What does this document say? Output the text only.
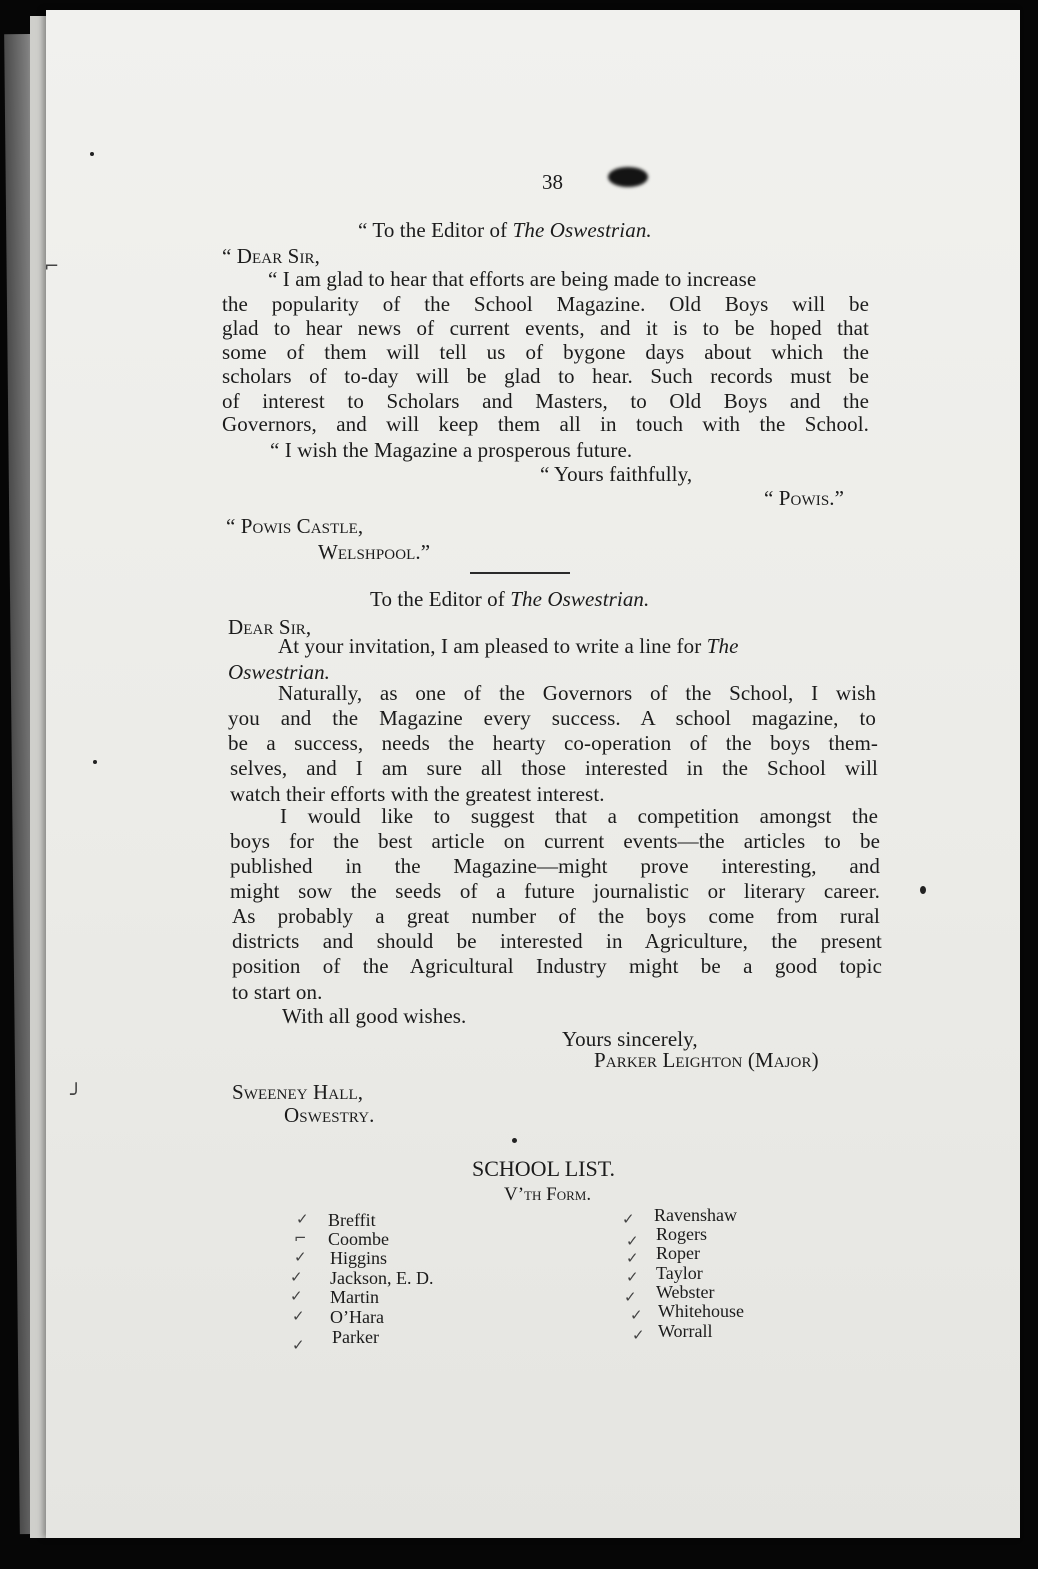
38
⌐
╯
“ To the Editor of The Oswestrian.
“ Dear Sir,
“ I am glad to hear that efforts are being made to increase
the popularity of the School Magazine. Old Boys will be
glad to hear news of current events, and it is to be hoped that
some of them will tell us of bygone days about which the
scholars of to-day will be glad to hear. Such records must be
of interest to Scholars and Masters, to Old Boys and the
Governors, and will keep them all in touch with the School.
“ I wish the Magazine a prosperous future.
“ Yours faithfully,
“ Powis.”
“ Powis Castle,
Welshpool.”
To the Editor of The Oswestrian.
Dear Sir,
At your invitation, I am pleased to write a line for The
Oswestrian.
Naturally, as one of the Governors of the School, I wish
you and the Magazine every success. A school magazine, to
be a success, needs the hearty co-operation of the boys them-
selves, and I am sure all those interested in the School will
watch their efforts with the greatest interest.
I would like to suggest that a competition amongst the
boys for the best article on current events—the articles to be
published in the Magazine—might prove interesting, and
might sow the seeds of a future journalistic or literary career.
As probably a great number of the boys come from rural
districts and should be interested in Agriculture, the present
position of the Agricultural Industry might be a good topic
to start on.
With all good wishes.
Yours sincerely,
Parker Leighton (Major)
Sweeney Hall,
Oswestry.
SCHOOL LIST.
V’th Form.
✓ Breffit
⌐ Coombe
✓ Higgins
✓ Jackson, E. D.
✓ Martin
✓ O’Hara
✓ Parker
✓ Ravenshaw
✓ Rogers
✓ Roper
✓ Taylor
✓ Webster
✓ Whitehouse
✓ Worrall
